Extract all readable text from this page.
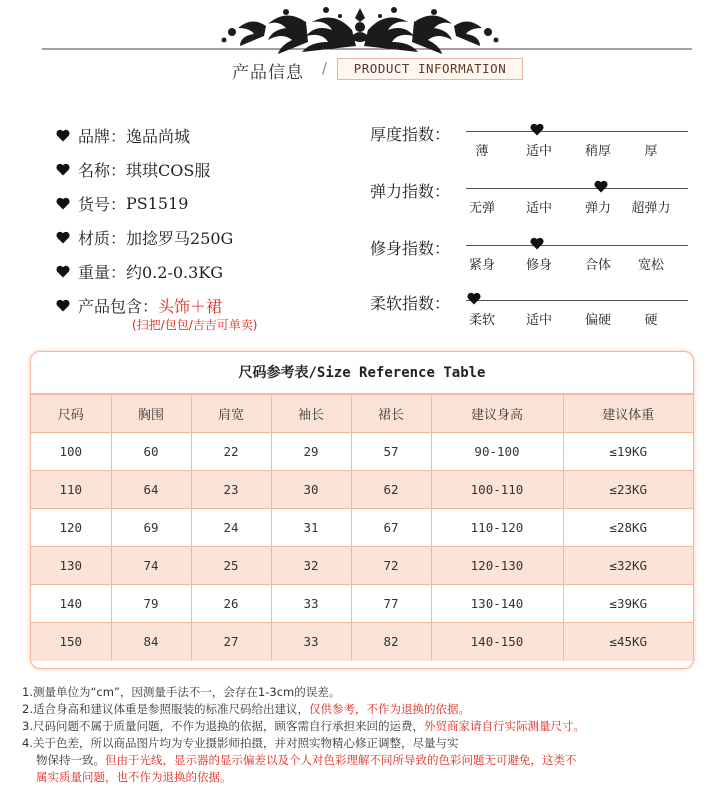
产品信息 /	PRODUCT INFORMATION
品牌： 逸品尚城
名称： 琪琪COS服
货号： PS1519
材质： 加捻罗马250G
重量： 约0.2-0.3KG
产品包含： 头饰＋裙
(扫把/包包/吉吉可单卖)
厚度指数：
薄	适中	稍厚	厚
弹力指数：
无弹 适中	弹力 超弹力
修身指数：
紧身 修身	合体 宽松
柔软指数：
柔软 适中	偏硬	硬
尺码参考表/Size Reference Table
尺码	胸围	肩宽	袖长	裙长	建议身高	建议体重
100	60	22	29	57	90-100	≤19KG
110	64	23	30	62	100-110	≤23KG
120	69	24	31	67	110-120	≤28KG
130	74	25	32	72	120-130	≤32KG
140	79	26	33	77	130-140	≤39KG
150	84	27	33	82	140-150	≤45KG
1.测量单位为“cm”，因测量手法不一，会存在1-3cm的误差。
2.适合身高和建议体重是参照服装的标准尺码给出建议，仅供参考，不作为退换的依据。
3.尺码问题不属于质量问题，不作为退换的依据，顾客需自行承担来回的运费，外贸商家请自行实际测量尺寸。
4.关于色差，所以商品图片均为专业摄影师拍摄，并对照实物精心修正调整，尽量与实
物保持一致。但由于光线，显示器的显示偏差以及个人对色彩理解不同所导致的色彩问题无可避免，这类不
属实质量问题，也不作为退换的依据。
